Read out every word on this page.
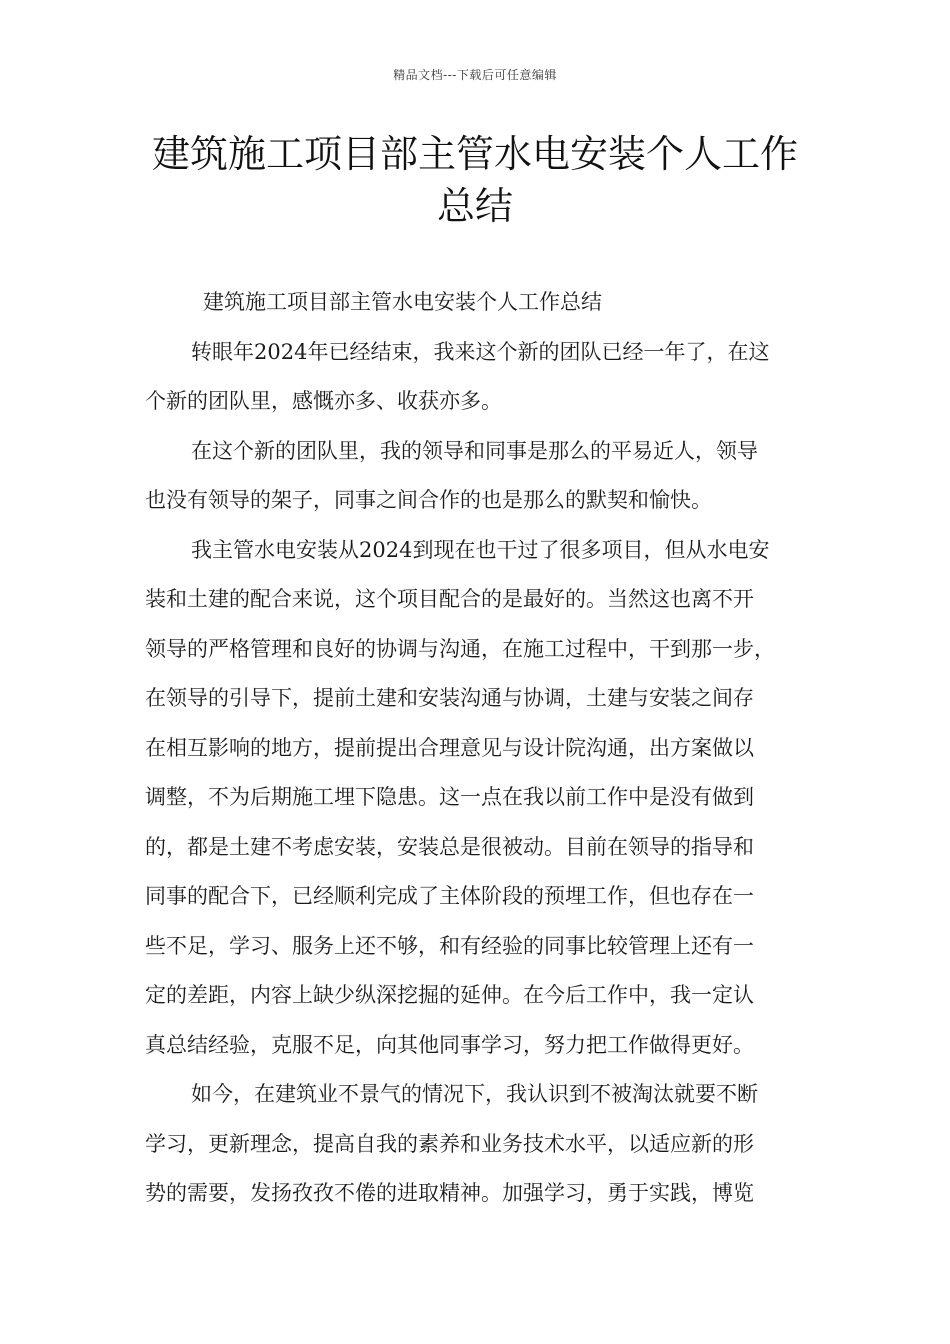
精品文档---下载后可任意编辑
建筑施工项目部主管水电安装个人工作
总结
建筑施工项目部主管水电安装个人工作总结
转眼年2024年已经结束，我来这个新的团队已经一年了，在这
个新的团队里，感慨亦多、收获亦多。
在这个新的团队里，我的领导和同事是那么的平易近人，领导
也没有领导的架子，同事之间合作的也是那么的默契和愉快。
我主管水电安装从2024到现在也干过了很多项目，但从水电安
装和土建的配合来说，这个项目配合的是最好的。当然这也离不开
领导的严格管理和良好的协调与沟通，在施工过程中，干到那一步，
在领导的引导下，提前土建和安装沟通与协调，土建与安装之间存
在相互影响的地方，提前提出合理意见与设计院沟通，出方案做以
调整，不为后期施工埋下隐患。这一点在我以前工作中是没有做到
的，都是土建不考虑安装，安装总是很被动。目前在领导的指导和
同事的配合下，已经顺利完成了主体阶段的预埋工作，但也存在一
些不足，学习、服务上还不够，和有经验的同事比较管理上还有一
定的差距，内容上缺少纵深挖掘的延伸。在今后工作中，我一定认
真总结经验，克服不足，向其他同事学习，努力把工作做得更好。
如今，在建筑业不景气的情况下，我认识到不被淘汰就要不断
学习，更新理念，提高自我的素养和业务技术水平，以适应新的形
势的需要，发扬孜孜不倦的进取精神。加强学习，勇于实践，博览
